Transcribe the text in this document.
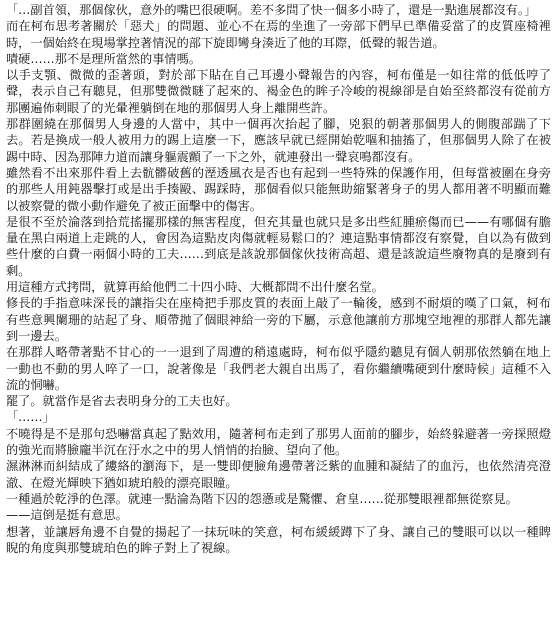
「…副首領，那個傢伙，意外的嘴巴很硬啊。差不多問了快一個多小時了，還是一點進展都沒有。」

而在柯布思考著關於「惡犬」的問題、並心不在焉的坐進了一旁部下們早已準備妥當了的皮質座椅裡時，一個始終在現場掌控著情況的部下旋即彎身湊近了他的耳際，低聲的報告道。

嘖硬……那不是理所當然的事情嗎。

以手支顎、微微的歪著頭，對於部下貼在自己耳邊小聲報告的內容，柯布僅是一如往常的低低哼了聲，表示自己有聽見，但那雙微微瞇了起來的、褐金色的眸子冷峻的視線卻是自始至終都沒有從前方那團遍佈刺眼了的光暈裡躺倒在地的那個男人身上離開些許。

那群圍繞在那個男人身邊的人當中，其中一個再次抬起了腳，兇狠的朝著那個男人的側腹部踹了下去。若是換成一般人被用力的踢上這麼一下，應該早就已經開始乾嘔和抽搐了，但那個男人除了在被踢中時、因為那陣力道而讓身軀震顫了一下之外，就連發出一聲哀鳴都沒有。

雖然看不出來那件看上去骯髒破舊的溼透風衣是否也有起到一些特殊的保護作用，但每當被圍在身旁的那些人用鈍器擊打或是出手揍毆、踢踩時，那個看似只能無助縮緊著身子的男人都用著不明顯而難以被察覺的微小動作避免了被正面擊中的傷害。

是很不至於淪落到拾荒搖擺那樣的無害程度，但充其量也就只是多出些紅腫瘀傷而已——有哪個有膽量在黑白兩道上走跳的人，會因為這點皮肉傷就輕易鬆口的？連這點事情都沒有察覺，自以為有做到些什麼的白費一兩個小時的工夫……到底是該說那個傢伙技術高超、還是該說這些廢物真的是廢到有剩。

用這種方式拷問，就算再給他們二十四小時、大概都問不出什麼名堂。

修長的手指意味深長的讓指尖在座椅把手那皮質的表面上敲了一輪後，感到不耐煩的嘆了口氣，柯布有些意興闌珊的站起了身、順帶拋了個眼神給一旁的下屬，示意他讓前方那塊空地裡的那群人都先讓到一邊去。

在那群人略帶著點不甘心的一一退到了周遭的稍遠處時，柯布似乎隱約聽見有個人朝那依然躺在地上一動也不動的男人啐了一口，說著像是「我們老大親自出馬了，看你繼續嘴硬到什麼時候」這種不入流的恫嚇。

罷了。就當作是省去表明身分的工夫也好。

「……」

不曉得是不是那句恐嚇當真起了點效用，隨著柯布走到了那男人面前的腳步，始終躲避著一旁探照燈的強光而將臉龐半沉在汙水之中的男人悄悄的抬臉、望向了他。

濕淋淋而糾結成了縷絡的瀏海下，是一雙即便臉角邊帶著泛紫的血腫和凝結了的血污，也依然清亮澄澈、在燈光輝映下猶如琥珀般的漂亮眼瞳。

一種過於乾淨的色澤。就連一點淪為階下囚的怨懣或是驚懼、倉皇……從那雙眼裡都無從察見。

——這倒是挺有意思。

想著，並讓唇角邊不自覺的揚起了一抹玩味的笑意，柯布緩緩蹲下了身、讓自己的雙眼可以以一種睥睨的角度與那雙琥珀色的眸子對上了視線。
